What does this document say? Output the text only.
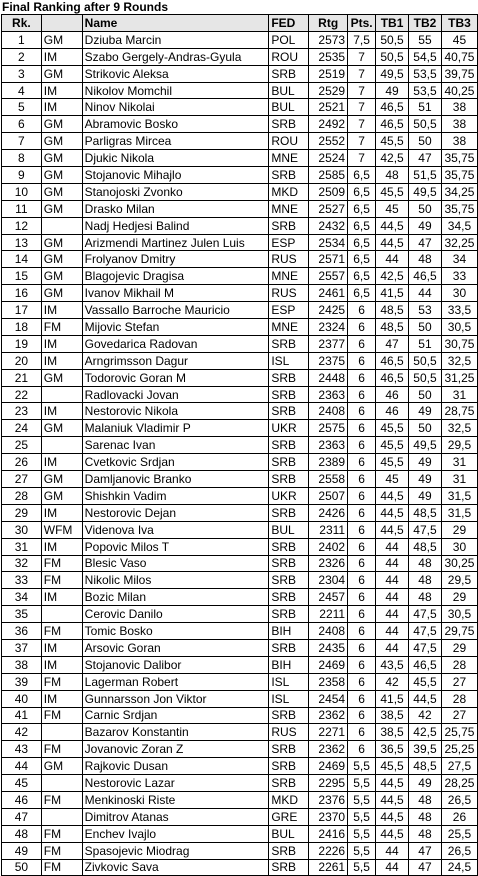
Final Ranking after 9 Rounds
Rk.		Name	FED	Rtg	Pts.	TB1	TB2	TB3
1	GM	Dziuba Marcin	POL	2573	7,5	50,5	55	45
2	IM	Szabo Gergely-Andras-Gyula	ROU	2535	7	50,5	54,5	40,75
3	GM	Strikovic Aleksa	SRB	2519	7	49,5	53,5	39,75
4	IM	Nikolov Momchil	BUL	2529	7	49	53,5	40,25
5	IM	Ninov Nikolai	BUL	2521	7	46,5	51	38
6	GM	Abramovic Bosko	SRB	2492	7	46,5	50,5	38
7	GM	Parligras Mircea	ROU	2552	7	45,5	50	38
8	GM	Djukic Nikola	MNE	2524	7	42,5	47	35,75
9	GM	Stojanovic Mihajlo	SRB	2585	6,5	48	51,5	35,75
10	GM	Stanojoski Zvonko	MKD	2509	6,5	45,5	49,5	34,25
11	GM	Drasko Milan	MNE	2527	6,5	45	50	35,75
12		Nadj Hedjesi Balind	SRB	2432	6,5	44,5	49	34,5
13	GM	Arizmendi Martinez Julen Luis	ESP	2534	6,5	44,5	47	32,25
14	GM	Frolyanov Dmitry	RUS	2571	6,5	44	48	34
15	GM	Blagojevic Dragisa	MNE	2557	6,5	42,5	46,5	33
16	GM	Ivanov Mikhail M	RUS	2461	6,5	41,5	44	30
17	IM	Vassallo Barroche Mauricio	ESP	2425	6	48,5	53	33,5
18	FM	Mijovic Stefan	MNE	2324	6	48,5	50	30,5
19	IM	Govedarica Radovan	SRB	2377	6	47	51	30,75
20	IM	Arngrimsson Dagur	ISL	2375	6	46,5	50,5	32,5
21	GM	Todorovic Goran M	SRB	2448	6	46,5	50,5	31,25
22		Radlovacki Jovan	SRB	2363	6	46	50	31
23	IM	Nestorovic Nikola	SRB	2408	6	46	49	28,75
24	GM	Malaniuk Vladimir P	UKR	2575	6	45,5	50	32,5
25		Sarenac Ivan	SRB	2363	6	45,5	49,5	29,5
26	IM	Cvetkovic Srdjan	SRB	2389	6	45,5	49	31
27	GM	Damljanovic Branko	SRB	2558	6	45	49	31
28	GM	Shishkin Vadim	UKR	2507	6	44,5	49	31,5
29	IM	Nestorovic Dejan	SRB	2426	6	44,5	48,5	31,5
30	WFM	Videnova Iva	BUL	2311	6	44,5	47,5	29
31	IM	Popovic Milos T	SRB	2402	6	44	48,5	30
32	FM	Blesic Vaso	SRB	2326	6	44	48	30,25
33	FM	Nikolic Milos	SRB	2304	6	44	48	29,5
34	IM	Bozic Milan	SRB	2457	6	44	48	29
35		Cerovic Danilo	SRB	2211	6	44	47,5	30,5
36	FM	Tomic Bosko	BIH	2408	6	44	47,5	29,75
37	IM	Arsovic Goran	SRB	2435	6	44	47,5	29
38	IM	Stojanovic Dalibor	BIH	2469	6	43,5	46,5	28
39	FM	Lagerman Robert	ISL	2358	6	42	45,5	27
40	IM	Gunnarsson Jon Viktor	ISL	2454	6	41,5	44,5	28
41	FM	Carnic Srdjan	SRB	2362	6	38,5	42	27
42		Bazarov Konstantin	RUS	2271	6	38,5	42,5	25,75
43	FM	Jovanovic Zoran Z	SRB	2362	6	36,5	39,5	25,25
44	GM	Rajkovic Dusan	SRB	2469	5,5	45,5	48,5	27,5
45		Nestorovic Lazar	SRB	2295	5,5	44,5	49	28,25
46	FM	Menkinoski Riste	MKD	2376	5,5	44,5	48	26,5
47		Dimitrov Atanas	GRE	2370	5,5	44,5	48	26
48	FM	Enchev Ivajlo	BUL	2416	5,5	44,5	48	25,5
49	FM	Spasojevic Miodrag	SRB	2226	5,5	44	47	26,5
50	FM	Zivkovic Sava	SRB	2261	5,5	44	47	24,5
